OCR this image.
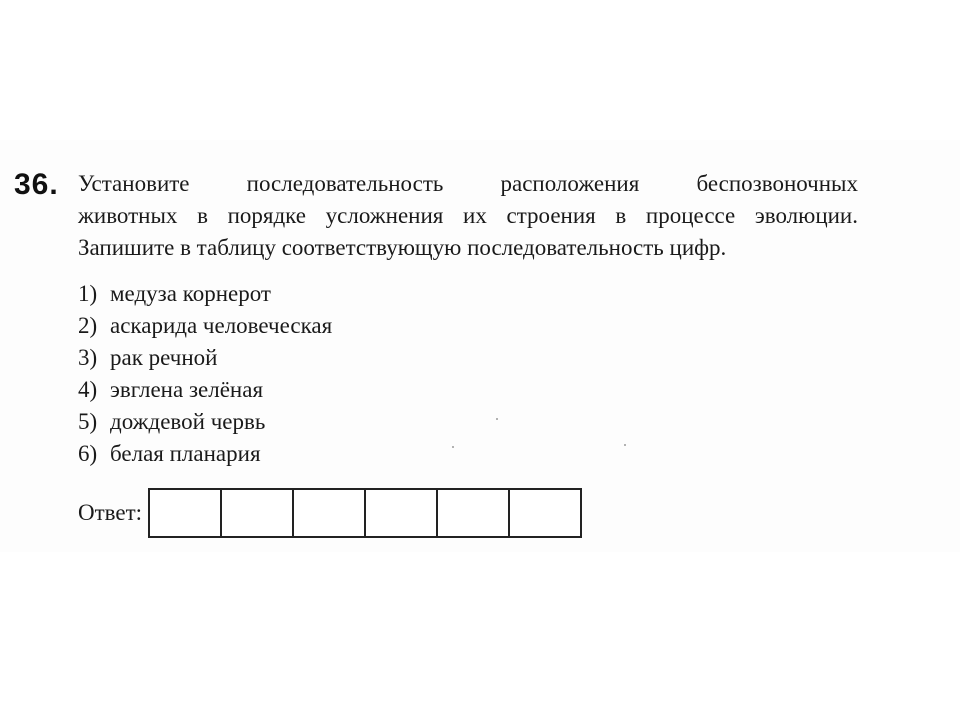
36. Установите последовательность расположения беспозвоночных
животных в порядке усложнения их строения в процессе эволюции.
Запишите в таблицу соответствующую последовательность цифр.
1) медуза корнерот
2) аскарида человеческая
3) рак речной
4) эвглена зелёная
5) дождевой червь
6) белая планария
Ответ:
